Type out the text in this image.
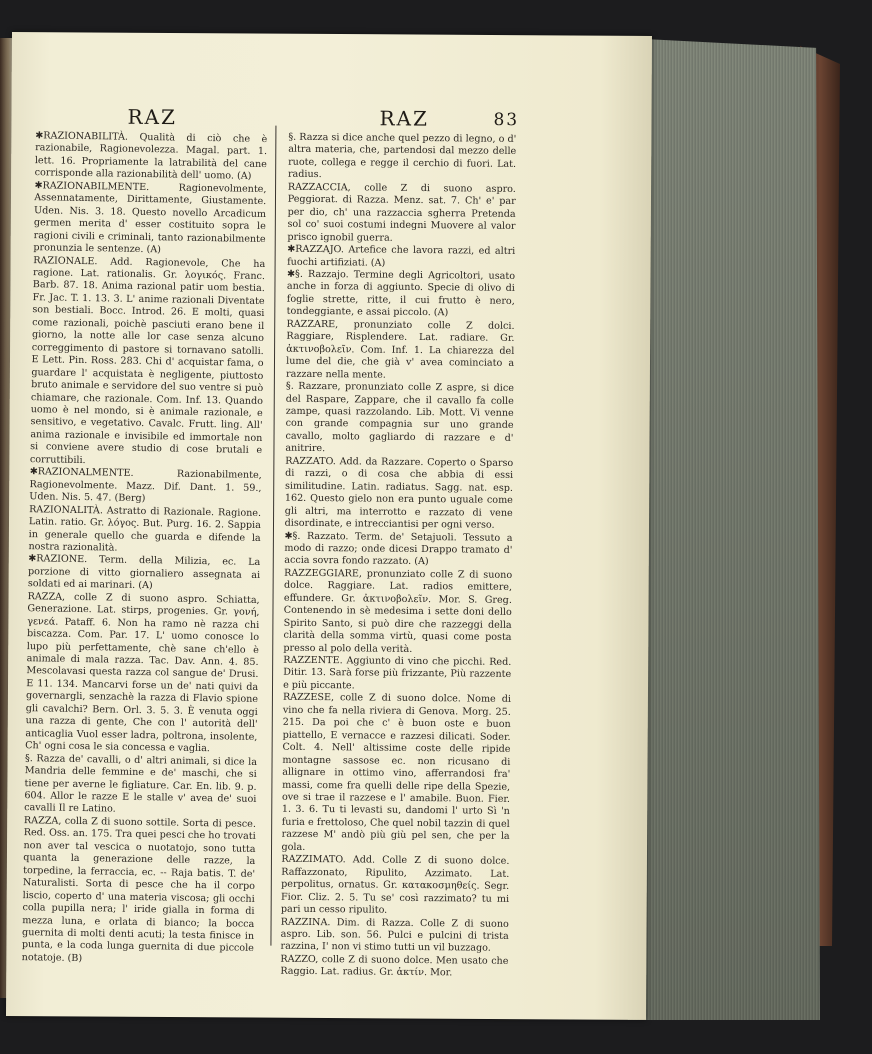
RAZ	RAZ	83

✱RAZIONABILITÀ. Qualità di ciò che è razionabile, Ragionevolezza. Magal. part. 1. lett. 16. Propriamente la latrabilità del cane corrisponde alla razionabilità dell' uomo. (A)

✱RAZIONABILMENTE. Ragionevolmente, Assennatamente, Dirittamente, Giustamente. Uden. Nis. 3. 18. Questo novello Arcadicum germen merita d' esser costituito sopra le ragioni civili e criminali, tanto razionabilmente pronunzia le sentenze. (A)

RAZIONALE. Add. Ragionevole, Che ha ragione. Lat. rationalis. Gr. λογικός. Franc. Barb. 87. 18. Anima razional patir uom bestia. Fr. Jac. T. 1. 13. 3. L' anime razionali Diventate son bestiali. Bocc. Introd. 26. E molti, quasi come razionali, poichè pasciuti erano bene il giorno, la notte alle lor case senza alcuno correggimento di pastore si tornavano satolli. E Lett. Pin. Ross. 283. Chi d' acquistar fama, o guardare l' acquistata è negligente, piuttosto bruto animale e servidore del suo ventre si può chiamare, che razionale. Com. Inf. 13. Quando uomo è nel mondo, si è animale razionale, e sensitivo, e vegetativo. Cavalc. Frutt. ling. All' anima razionale e invisibile ed immortale non si conviene avere studio di cose brutali e corruttibili.

✱RAZIONALMENTE. Razionabilmente, Ragionevolmente. Mazz. Dif. Dant. 1. 59., Uden. Nis. 5. 47. (Berg)

RAZIONALITÀ. Astratto di Razionale. Ragione. Latin. ratio. Gr. λόγος. But. Purg. 16. 2. Sappia in generale quello che guarda e difende la nostra razionalità.

✱RAZIONE. Term. della Milizia, ec. La porzione di vitto giornaliero assegnata ai soldati ed ai marinari. (A)

RAZZA, colle Z di suono aspro. Schiatta, Generazione. Lat. stirps, progenies. Gr. γονή, γενεά. Pataff. 6. Non ha ramo nè razza chi biscazza. Com. Par. 17. L' uomo conosce lo lupo più perfettamente, chè sane ch'ello è animale di mala razza. Tac. Dav. Ann. 4. 85. Mescolavasi questa razza col sangue de' Drusi. E 11. 134. Mancarvi forse un de' nati quivi da governargli, senzachè la razza di Flavio spione gli cavalchi? Bern. Orl. 3. 5. 3. È venuta oggi una razza di gente, Che con l' autorità dell' anticaglia Vuol esser ladra, poltrona, insolente, Ch' ogni cosa le sia concessa e vaglia.

§. Razza de' cavalli, o d' altri animali, si dice la Mandria delle femmine e de' maschi, che si tiene per averne le figliature. Car. En. lib. 9. p. 604. Allor le razze E le stalle v' avea de' suoi cavalli Il re Latino.

RAZZA, colla Z di suono sottile. Sorta di pesce. Red. Oss. an. 175. Tra quei pesci che ho trovati non aver tal vescica o nuotatojo, sono tutta quanta la generazione delle razze, la torpedine, la ferraccia, ec. -- Raja batis. T. de' Naturalisti. Sorta di pesce che ha il corpo liscio, coperto d' una materia viscosa; gli occhi colla pupilla nera; l' iride gialla in forma di mezza luna, e orlata di bianco; la bocca guernita di molti denti acuti; la testa finisce in punta, e la coda lunga guernita di due piccole notatoje. (B)

§. Razza si dice anche quel pezzo di legno, o d' altra materia, che, partendosi dal mezzo delle ruote, collega e regge il cerchio di fuori. Lat. radius.

RAZZACCIA, colle Z di suono aspro. Peggiorat. di Razza. Menz. sat. 7. Ch' e' par per dio, ch' una razzaccia sgherra Pretenda sol co' suoi costumi indegni Muovere al valor prisco ignobil guerra.

✱RAZZAJO. Artefice che lavora razzi, ed altri fuochi artifiziati. (A)

✱§. Razzajo. Termine degli Agricoltori, usato anche in forza di aggiunto. Specie di olivo di foglie strette, ritte, il cui frutto è nero, tondeggiante, e assai piccolo. (A)

RAZZARE, pronunziato colle Z dolci. Raggiare, Risplendere. Lat. radiare. Gr. ἀκτινοβολεῖν. Com. Inf. 1. La chiarezza del lume del die, che già v' avea cominciato a razzare nella mente.

§. Razzare, pronunziato colle Z aspre, si dice del Raspare, Zappare, che il cavallo fa colle zampe, quasi razzolando. Lib. Mott. Vi venne con grande compagnia sur uno grande cavallo, molto gagliardo di razzare e d' anitrire.

RAZZATO. Add. da Razzare. Coperto o Sparso di razzi, o di cosa che abbia di essi similitudine. Latin. radiatus. Sagg. nat. esp. 162. Questo gielo non era punto uguale come gli altri, ma interrotto e razzato di vene disordinate, e intrecciantisi per ogni verso.

✱§. Razzato. Term. de' Setajuoli. Tessuto a modo di razzo; onde dicesi Drappo tramato d' accia sovra fondo razzato. (A)

RAZZEGGIARE, pronunziato colle Z di suono dolce. Raggiare. Lat. radios emittere, effundere. Gr. ἀκτινοβολεῖν. Mor. S. Greg. Contenendo in sè medesima i sette doni dello Spirito Santo, si può dire che razzeggi della clarità della somma virtù, quasi come posta presso al polo della verità.

RAZZENTE. Aggiunto di vino che picchi. Red. Ditir. 13. Sarà forse più frizzante, Più razzente e più piccante.

RAZZESE, colle Z di suono dolce. Nome di vino che fa nella riviera di Genova. Morg. 25. 215. Da poi che c' è buon oste e buon piattello, E vernacce e razzesi dilicati. Soder. Colt. 4. Nell' altissime coste delle ripide montagne sassose ec. non ricusano di allignare in ottimo vino, afferrandosi fra' massi, come fra quelli delle ripe della Spezie, ove si trae il razzese e l' amabile. Buon. Fier. 1. 3. 6. Tu ti levasti su, dandomi l' urto Sì 'n furia e frettoloso, Che quel nobil tazzin di quel razzese M' andò più giù pel sen, che per la gola.

RAZZIMATO. Add. Colle Z di suono dolce. Raffazzonato, Ripulito, Azzimato. Lat. perpolitus, ornatus. Gr. κατακοσμηθείς. Segr. Fior. Cliz. 2. 5. Tu se' così razzimato? tu mi pari un cesso ripulito.

RAZZINA. Dim. di Razza. Colle Z di suono aspro. Lib. son. 56. Pulci e pulcini di trista razzina, I' non vi stimo tutti un vil buzzago.

RAZZO, colle Z di suono dolce. Men usato che Raggio. Lat. radius. Gr. ἀκτίν. Mor.
